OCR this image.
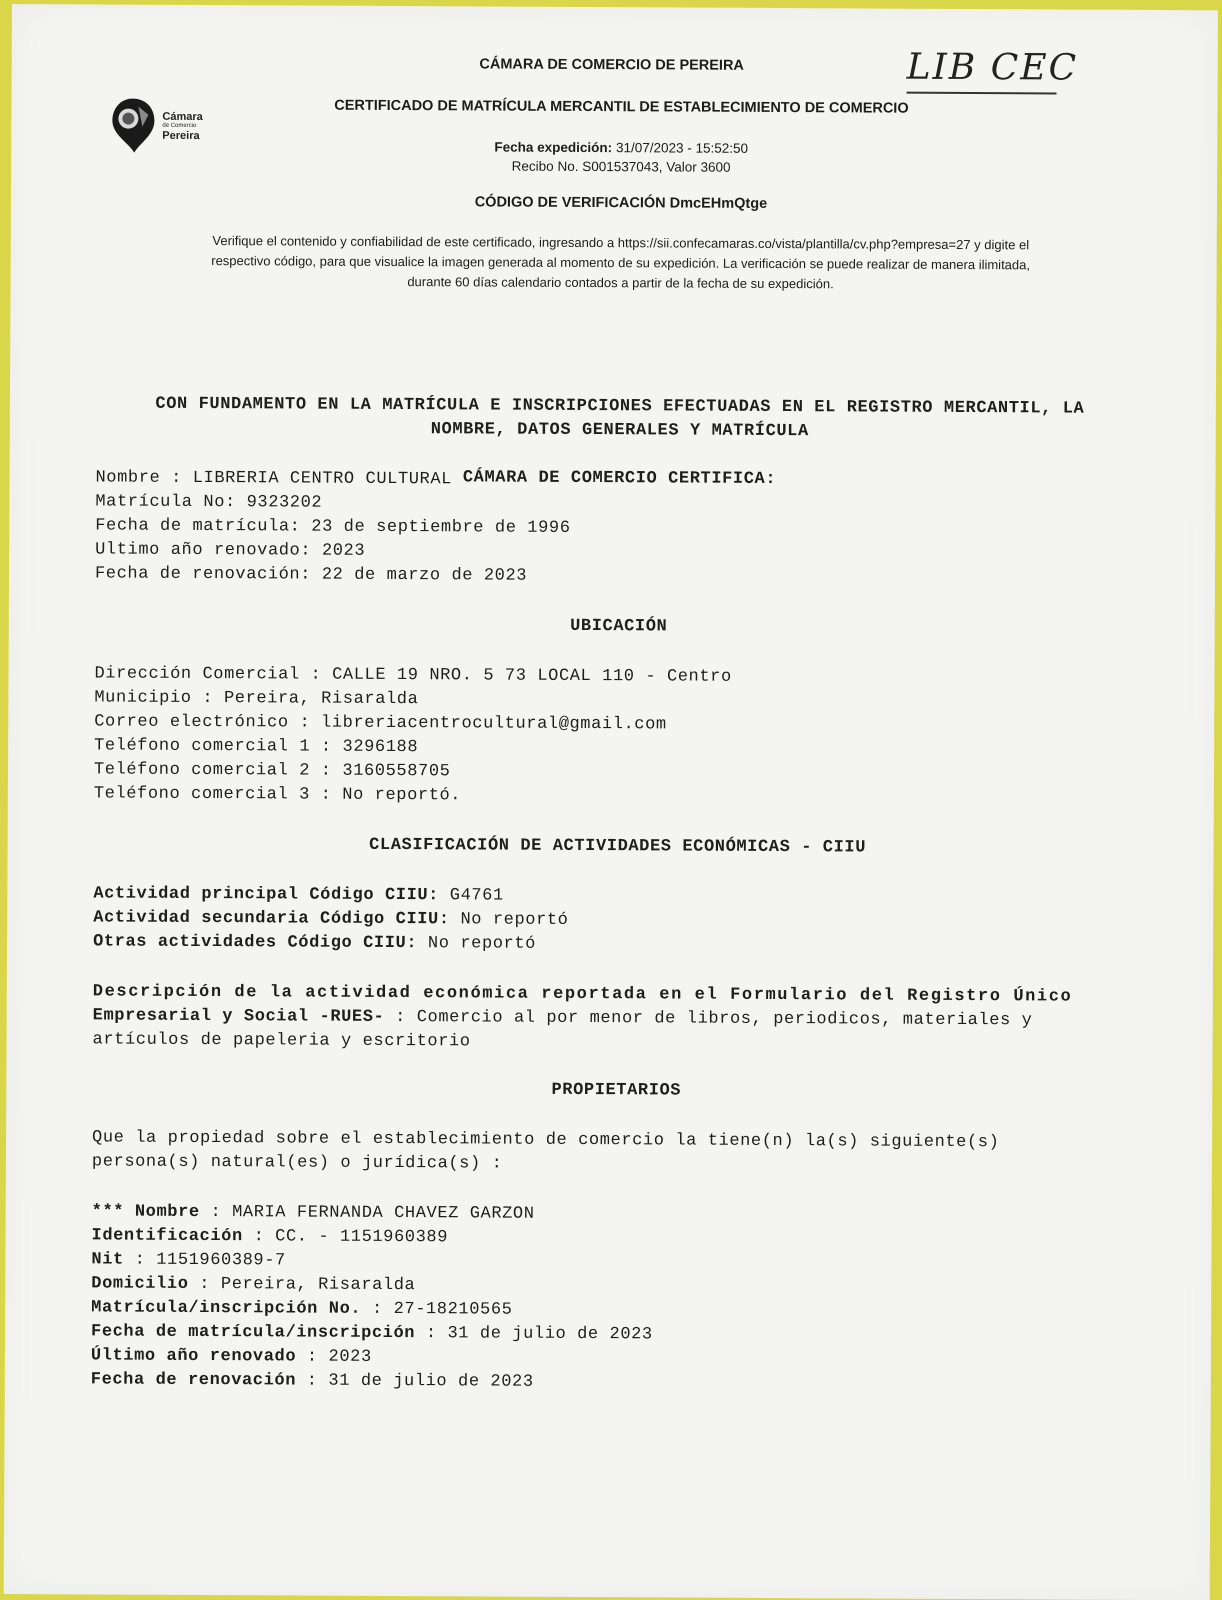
Cámara
de Comercio
Pereira
CÁMARA DE COMERCIO DE PEREIRA	LIB CEC
CERTIFICADO DE MATRÍCULA MERCANTIL DE ESTABLECIMIENTO DE COMERCIO
Fecha expedición: 31/07/2023 - 15:52:50
Recibo No. S001537043, Valor 3600
CÓDIGO DE VERIFICACIÓN DmcEHmQtge
Verifique el contenido y confiabilidad de este certificado, ingresando a https://sii.confecamaras.co/vista/plantilla/cv.php?empresa=27 y digite el
respectivo código, para que visualice la imagen generada al momento de su expedición. La verificación se puede realizar de manera ilimitada,
durante 60 días calendario contados a partir de la fecha de su expedición.

CON FUNDAMENTO EN LA MATRÍCULA E INSCRIPCIONES EFECTUADAS EN EL REGISTRO MERCANTIL, LA

CÁMARA DE COMERCIO CERTIFICA:

NOMBRE, DATOS GENERALES Y MATRÍCULA
Nombre : LIBRERIA CENTRO CULTURAL
Matrícula No: 9323202
Fecha de matrícula: 23 de septiembre de 1996
Ultimo año renovado: 2023
Fecha de renovación: 22 de marzo de 2023
UBICACIÓN
Dirección Comercial : CALLE 19 NRO. 5 73 LOCAL 110 - Centro
Municipio : Pereira, Risaralda
Correo electrónico : libreriacentrocultural@gmail.com
Teléfono comercial 1 : 3296188
Teléfono comercial 2 : 3160558705
Teléfono comercial 3 : No reportó.
CLASIFICACIÓN DE ACTIVIDADES ECONÓMICAS - CIIU
Actividad principal Código CIIU: G4761
Actividad secundaria Código CIIU: No reportó
Otras actividades Código CIIU: No reportó
Descripción de la actividad económica reportada en el Formulario del Registro Único
Empresarial y Social -RUES- : Comercio al por menor de libros, periodicos, materiales y
artículos de papeleria y escritorio
PROPIETARIOS
Que la propiedad sobre el establecimiento de comercio la tiene(n) la(s) siguiente(s)
persona(s) natural(es) o jurídica(s) :
*** Nombre : MARIA FERNANDA CHAVEZ GARZON
Identificación : CC. - 1151960389
Nit : 1151960389-7
Domicilio : Pereira, Risaralda
Matrícula/inscripción No. : 27-18210565
Fecha de matrícula/inscripción : 31 de julio de 2023
Último año renovado : 2023
Fecha de renovación : 31 de julio de 2023
